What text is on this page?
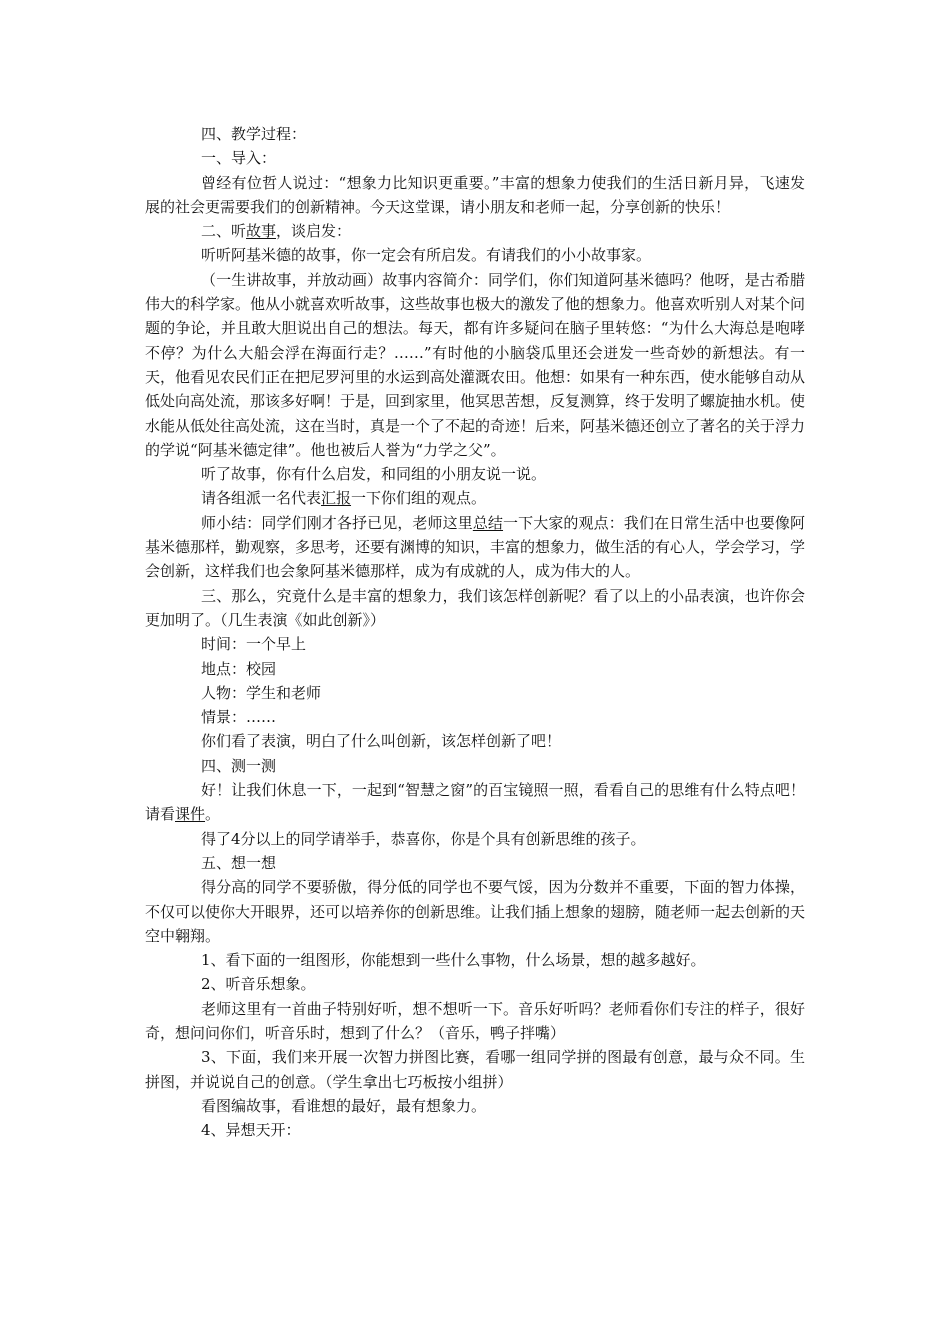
四、教学过程：

一、导入：

曾经有位哲人说过：“想象力比知识更重要。”丰富的想象力使我们的生活日新月异，飞速发展的社会更需要我们的创新精神。今天这堂课，请小朋友和老师一起，分享创新的快乐！

二、听故事，谈启发：

听听阿基米德的故事，你一定会有所启发。有请我们的小小故事家。

（一生讲故事，并放动画）故事内容简介：同学们，你们知道阿基米德吗？他呀，是古希腊伟大的科学家。他从小就喜欢听故事，这些故事也极大的激发了他的想象力。他喜欢听别人对某个问题的争论，并且敢大胆说出自己的想法。每天，都有许多疑问在脑子里转悠：“为什么大海总是咆哮不停？为什么大船会浮在海面行走？……”有时他的小脑袋瓜里还会迸发一些奇妙的新想法。有一天，他看见农民们正在把尼罗河里的水运到高处灌溉农田。他想：如果有一种东西，使水能够自动从低处向高处流，那该多好啊！于是，回到家里，他冥思苦想，反复测算，终于发明了螺旋抽水机。使水能从低处往高处流，这在当时，真是一个了不起的奇迹！后来，阿基米德还创立了著名的关于浮力的学说“阿基米德定律”。他也被后人誉为“力学之父”。

听了故事，你有什么启发，和同组的小朋友说一说。

请各组派一名代表汇报一下你们组的观点。

师小结：同学们刚才各抒已见，老师这里总结一下大家的观点：我们在日常生活中也要像阿基米德那样，勤观察，多思考，还要有渊博的知识，丰富的想象力，做生活的有心人，学会学习，学会创新，这样我们也会象阿基米德那样，成为有成就的人，成为伟大的人。

三、那么，究竟什么是丰富的想象力，我们该怎样创新呢？看了以上的小品表演，也许你会更加明了。（几生表演《如此创新》）

时间：一个早上

地点：校园

人物：学生和老师

情景：……

你们看了表演，明白了什么叫创新，该怎样创新了吧！

四、测一测

好！让我们休息一下，一起到“智慧之窗”的百宝镜照一照，看看自己的思维有什么特点吧！请看课件。

得了4分以上的同学请举手，恭喜你，你是个具有创新思维的孩子。

五、想一想

得分高的同学不要骄傲，得分低的同学也不要气馁，因为分数并不重要，下面的智力体操，不仅可以使你大开眼界，还可以培养你的创新思维。让我们插上想象的翅膀，随老师一起去创新的天空中翱翔。

1、看下面的一组图形，你能想到一些什么事物，什么场景，想的越多越好。

2、听音乐想象。

老师这里有一首曲子特别好听，想不想听一下。音乐好听吗？老师看你们专注的样子，很好奇，想问问你们，听音乐时，想到了什么？（音乐，鸭子拌嘴）

3、下面，我们来开展一次智力拼图比赛，看哪一组同学拼的图最有创意，最与众不同。生拼图，并说说自己的创意。（学生拿出七巧板按小组拼）

看图编故事，看谁想的最好，最有想象力。

4、异想天开：
